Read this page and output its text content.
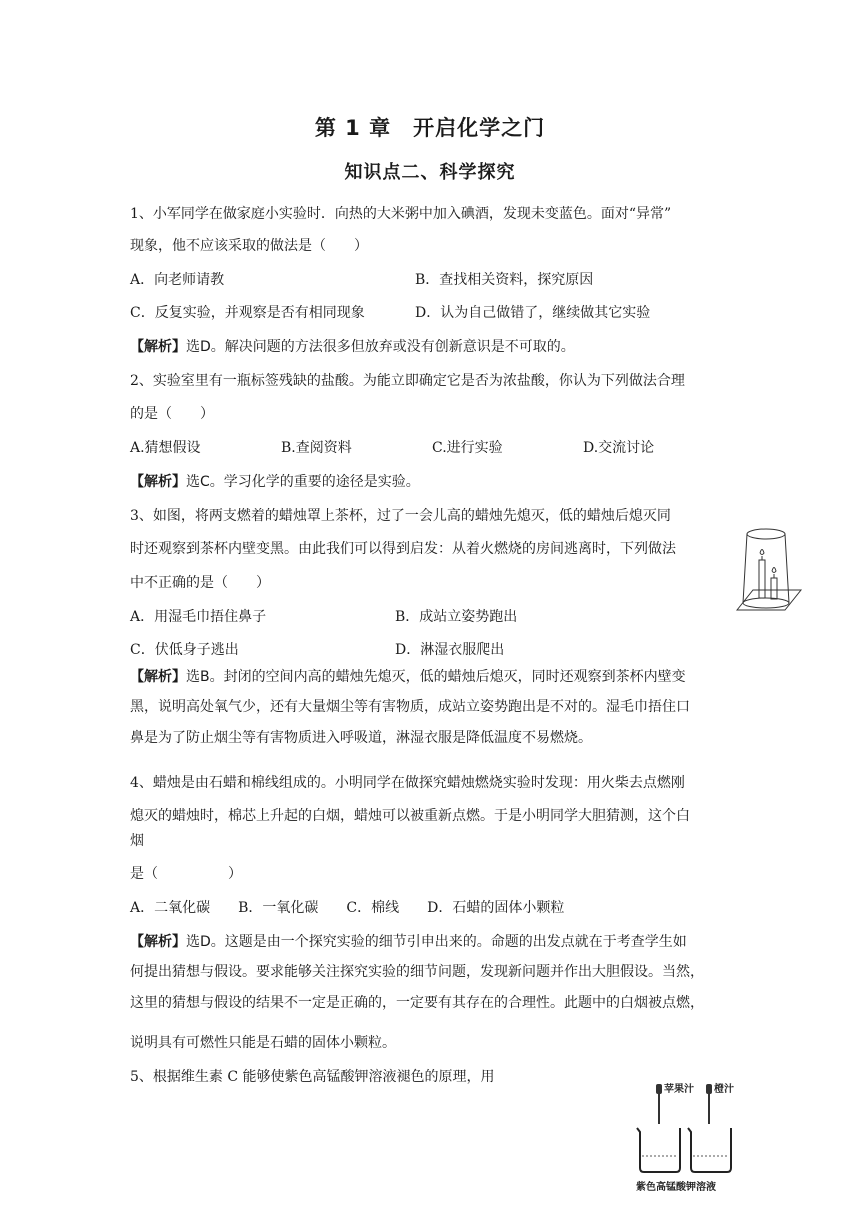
第 1 章　开启化学之门
知识点二、科学探究
1、小军同学在做家庭小实验时．向热的大米粥中加入碘酒，发现未变蓝色。面对“异常”
现象，他不应该采取的做法是（　　）
A．向老师请教	B．查找相关资料，探究原因
C．反复实验，并观察是否有相同现象	D．认为自己做错了，继续做其它实验
【解析】选D。解决问题的方法很多但放弃或没有创新意识是不可取的。
2、实验室里有一瓶标签残缺的盐酸。为能立即确定它是否为浓盐酸，你认为下列做法合理
的是（　　）
A.猜想假设	B.查阅资料	C.进行实验	D.交流讨论
【解析】选C。学习化学的重要的途径是实验。
3、如图，将两支燃着的蜡烛罩上茶杯，过了一会儿高的蜡烛先熄灭，低的蜡烛后熄灭同
时还观察到茶杯内壁变黑。由此我们可以得到启发：从着火燃烧的房间逃离时，下列做法
中不正确的是（　　）
A．用湿毛巾捂住鼻子	B．成站立姿势跑出
C．伏低身子逃出	D．淋湿衣服爬出
【解析】选B。封闭的空间内高的蜡烛先熄灭，低的蜡烛后熄灭，同时还观察到茶杯内壁变
黑，说明高处氧气少，还有大量烟尘等有害物质，成站立姿势跑出是不对的。湿毛巾捂住口
鼻是为了防止烟尘等有害物质进入呼吸道，淋湿衣服是降低温度不易燃烧。
4、蜡烛是由石蜡和棉线组成的。小明同学在做探究蜡烛燃烧实验时发现：用火柴去点燃刚
熄灭的蜡烛时，棉芯上升起的白烟，蜡烛可以被重新点燃。于是小明同学大胆猜测，这个白
烟
是（　　　　　）
A．二氧化碳　　B．一氧化碳　　C．棉线　　D．石蜡的固体小颗粒
【解析】选D。这题是由一个探究实验的细节引申出来的。命题的出发点就在于考查学生如
何提出猜想与假设。要求能够关注探究实验的细节问题，发现新问题并作出大胆假设。当然，
这里的猜想与假设的结果不一定是正确的，一定要有其存在的合理性。此题中的白烟被点燃，
说明具有可燃性只能是石蜡的固体小颗粒。
5、根据维生素 C 能够使紫色高锰酸钾溶液褪色的原理，用
苹果汁 橙汁
紫色高锰酸钾溶液
